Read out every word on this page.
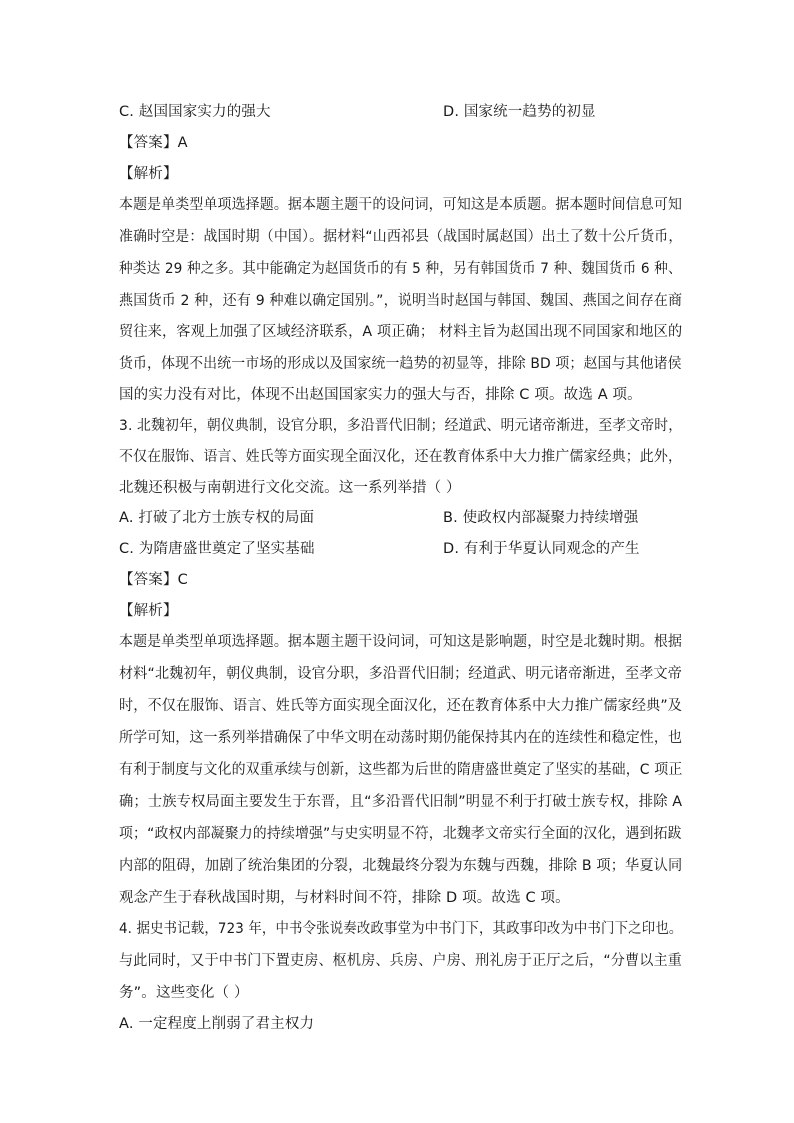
C. 赵国国家实力的强大	D. 国家统一趋势的初显
【答案】A
【解析】
本题是单类型单项选择题。据本题主题干的设问词，可知这是本质题。据本题时间信息可知
准确时空是：战国时期（中国）。据材料“山西祁县（战国时属赵国）出土了数十公斤货币，
种类达 29 种之多。其中能确定为赵国货币的有 5 种，另有韩国货币 7 种、魏国货币 6 种、
燕国货币 2 种，还有 9 种难以确定国别。”，说明当时赵国与韩国、魏国、燕国之间存在商
贸往来，客观上加强了区域经济联系，A 项正确； 材料主旨为赵国出现不同国家和地区的
货币，体现不出统一市场的形成以及国家统一趋势的初显等，排除 BD 项；赵国与其他诸侯
国的实力没有对比，体现不出赵国国家实力的强大与否，排除 C 项。故选 A 项。
3. 北魏初年，朝仪典制，设官分职，多沿晋代旧制；经道武、明元诸帝渐进，至孝文帝时，
不仅在服饰、语言、姓氏等方面实现全面汉化，还在教育体系中大力推广儒家经典；此外，
北魏还积极与南朝进行文化交流。这一系列举措（ ）
A. 打破了北方士族专权的局面	B. 使政权内部凝聚力持续增强
C. 为隋唐盛世奠定了坚实基础	D. 有利于华夏认同观念的产生
【答案】C
【解析】
本题是单类型单项选择题。据本题主题干设问词，可知这是影响题，时空是北魏时期。根据
材料“北魏初年，朝仪典制，设官分职，多沿晋代旧制；经道武、明元诸帝渐进，至孝文帝
时，不仅在服饰、语言、姓氏等方面实现全面汉化，还在教育体系中大力推广儒家经典”及
所学可知，这一系列举措确保了中华文明在动荡时期仍能保持其内在的连续性和稳定性，也
有利于制度与文化的双重承续与创新，这些都为后世的隋唐盛世奠定了坚实的基础，C 项正
确；士族专权局面主要发生于东晋，且“多沿晋代旧制”明显不利于打破士族专权，排除 A
项；“政权内部凝聚力的持续增强”与史实明显不符，北魏孝文帝实行全面的汉化，遇到拓跋
内部的阻碍，加剧了统治集团的分裂，北魏最终分裂为东魏与西魏，排除 B 项；华夏认同
观念产生于春秋战国时期，与材料时间不符，排除 D 项。故选 C 项。
4. 据史书记载，723 年，中书令张说奏改政事堂为中书门下，其政事印改为中书门下之印也。
与此同时，又于中书门下置吏房、枢机房、兵房、户房、刑礼房于正厅之后，“分曹以主重
务”。这些变化（ ）
A. 一定程度上削弱了君主权力
